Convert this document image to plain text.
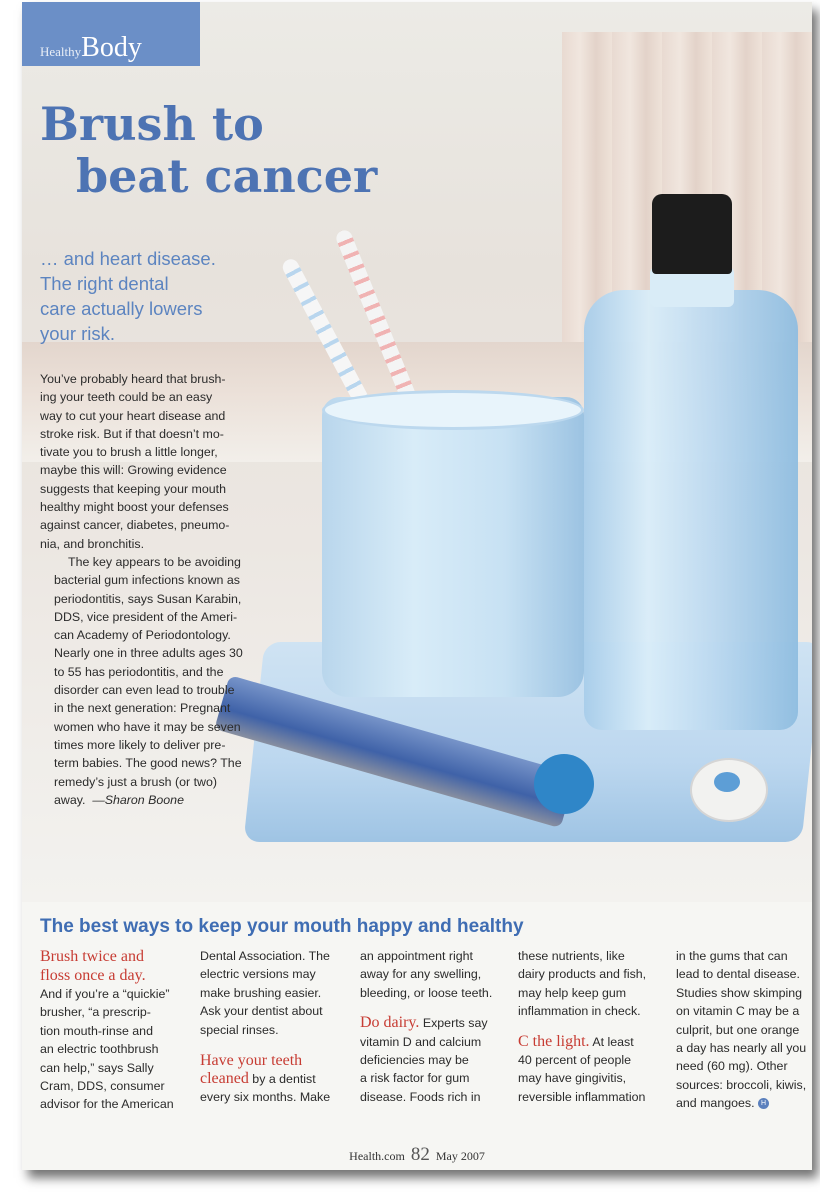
HealthyBody
Brush to
beat cancer
… and heart disease.
The right dental
care actually lowers
your risk.

You’ve probably heard that brush-
ing your teeth could be an easy
way to cut your heart disease and
stroke risk. But if that doesn’t mo-
tivate you to brush a little longer,
maybe this will: Growing evidence
suggests that keeping your mouth
healthy might boost your defenses
against cancer, diabetes, pneumo-
nia, and bronchitis.

The key appears to be avoiding
bacterial gum infections known as
periodontitis, says Susan Karabin,
DDS, vice president of the Ameri-
can Academy of Periodontology.
Nearly one in three adults ages 30
to 55 has periodontitis, and the
disorder can even lead to trouble
in the next generation: Pregnant
women who have it may be seven
times more likely to deliver pre-
term babies. The good news? The
remedy’s just a brush (or two)
away. —Sharon Boone

The best ways to keep your mouth happy and healthy
Brush twice and
floss once a day.
And if you’re a “quickie”
brusher, “a prescrip-
tion mouth-rinse and
an electric toothbrush
can help,” says Sally
Cram, DDS, consumer
advisor for the American
Dental Association. The
electric versions may
make brushing easier.
Ask your dentist about
special rinses.
Have your teeth
cleaned by a dentist
every six months. Make
an appointment right
away for any swelling,
bleeding, or loose teeth.
Do dairy. Experts say
vitamin D and calcium
deficiencies may be
a risk factor for gum
disease. Foods rich in
these nutrients, like
dairy products and fish,
may help keep gum
inflammation in check.
C the light. At least
40 percent of people
may have gingivitis,
reversible inflammation
in the gums that can
lead to dental disease.
Studies show skimping
on vitamin C may be a
culprit, but one orange
a day has nearly all you
need (60 mg). Other
sources: broccoli, kiwis,
and mangoes. H
Health.com 82 May 2007
